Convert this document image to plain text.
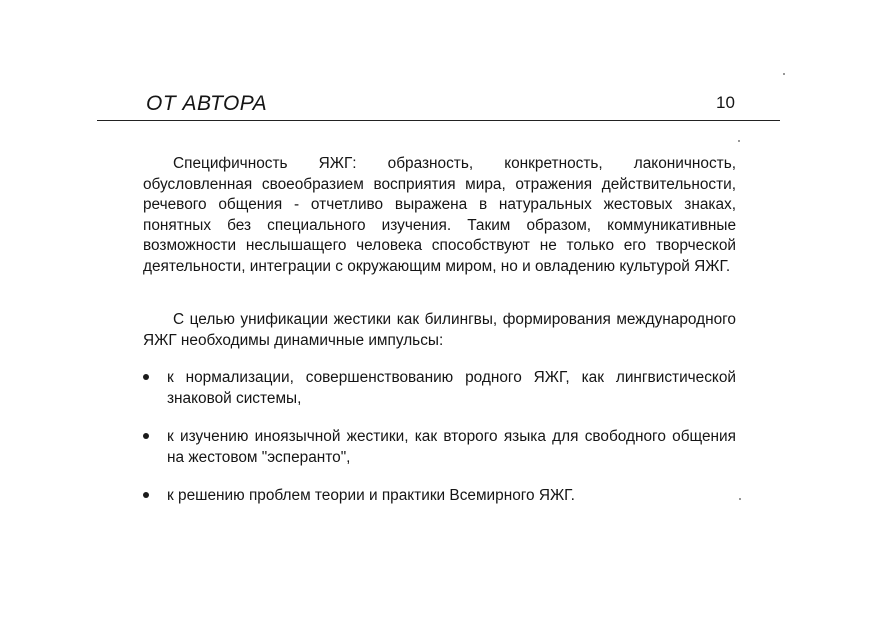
ОТ АВТОРА	10

Специфичность ЯЖГ: образность, конкретность, лаконичность, обусловленная своеобразием восприятия мира, отражения действительности, речевого общения - отчетливо выражена в натуральных жестовых знаках, понятных без специального изучения. Таким образом, коммуникативные возможности неслышащего человека способствуют не только его творческой деятельности, интеграции с окружающим миром, но и овладению культурой ЯЖГ.

С целью унификации жестики как билингвы, формирования международного ЯЖГ необходимы динамичные импульсы:

к нормализации, совершенствованию родного ЯЖГ, как лингвистической знаковой системы,
к изучению иноязычной жестики, как второго языка для свободного общения на жестовом "эсперанто",
к решению проблем теории и практики Всемирного ЯЖГ.
